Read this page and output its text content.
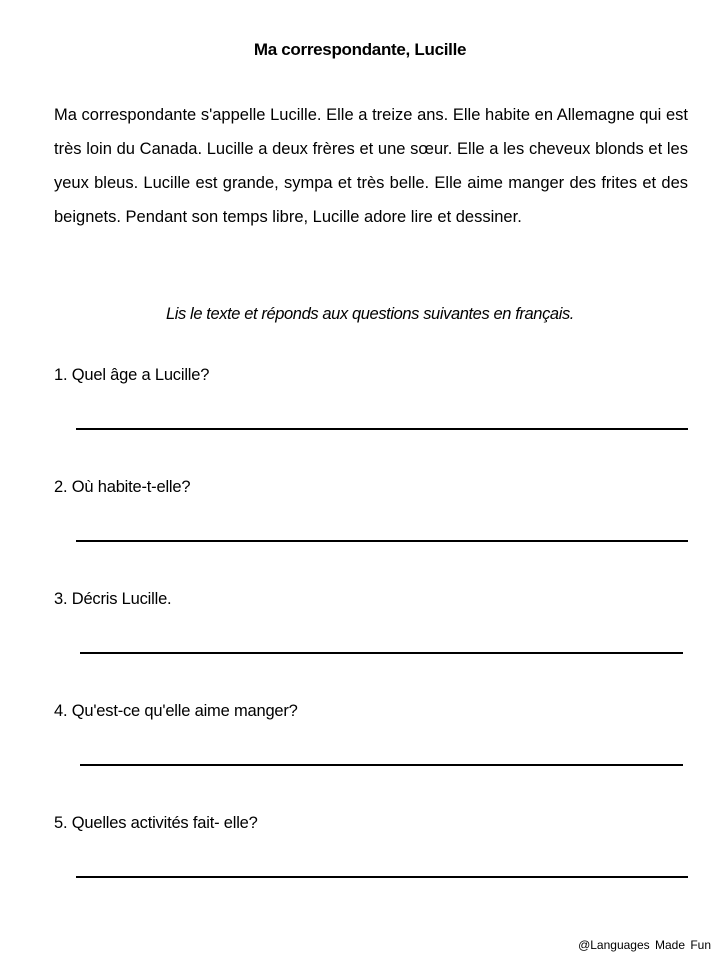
Ma correspondante, Lucille

Ma correspondante s'appelle Lucille. Elle a treize ans. Elle habite en Allemagne qui est très loin du Canada. Lucille a deux frères et une sœur. Elle a les cheveux blonds et les yeux bleus. Lucille est grande, sympa et très belle. Elle aime manger des frites et des beignets. Pendant son temps libre, Lucille adore lire et dessiner.

Lis le texte et réponds aux questions suivantes en français.
1. Quel âge a Lucille?
2. Où habite-t-elle?
3. Décris Lucille.
4. Qu'est-ce qu'elle aime manger?
5. Quelles activités fait- elle?
@Languages Made Fun
